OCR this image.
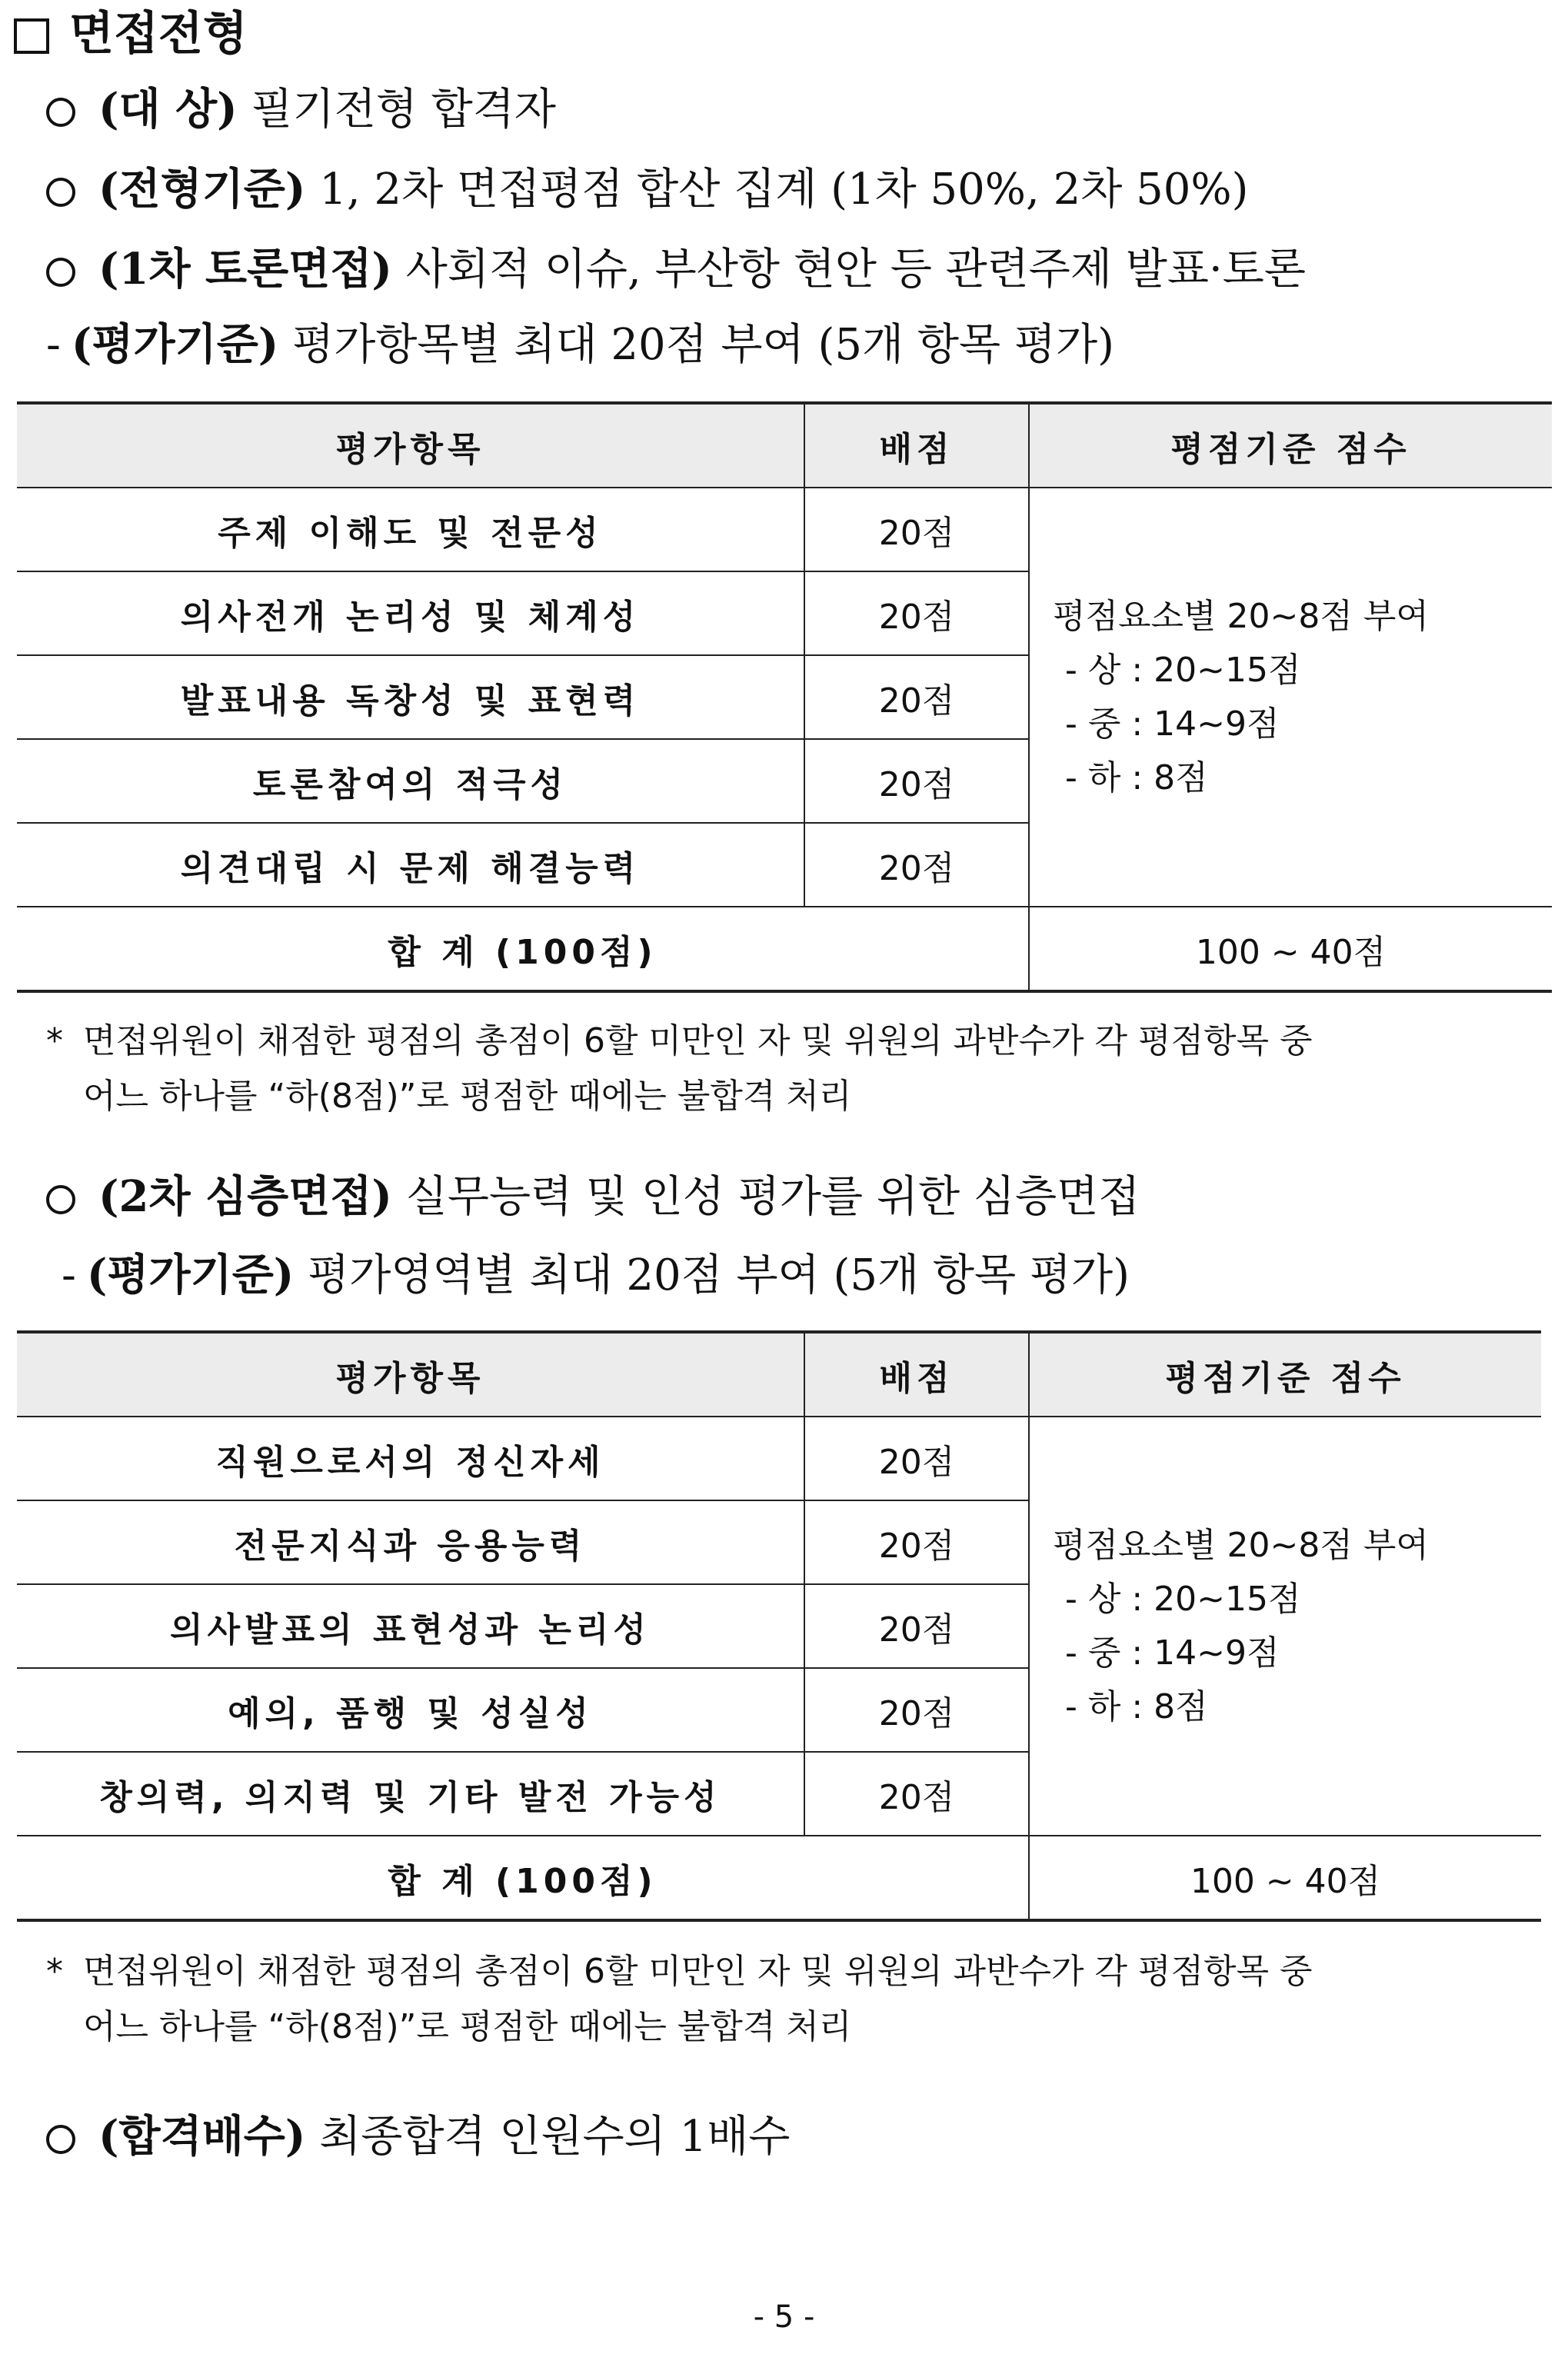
면접전형
(대 상) 필기전형 합격자
(전형기준) 1, 2차 면접평점 합산 집계 (1차 50%, 2차 50%)
(1차 토론면접) 사회적 이슈, 부산항 현안 등 관련주제 발표·토론
- (평가기준) 평가항목별 최대 20점 부여 (5개 항목 평가)
평가항목	배점	평점기준 점수
주제 이해도 및 전문성	20점	평점요소별 20∼8점 부여
- 상 : 20∼15점
- 중 : 14∼9점
- 하 : 8점

의사전개 논리성 및 체계성	20점	
발표내용 독창성 및 표현력	20점	
토론참여의 적극성	20점	
의견대립 시 문제 해결능력	20점	
합 계 (100점)		100 ∼ 40점
* 면접위원이 채점한 평점의 총점이 6할 미만인 자 및 위원의 과반수가 각 평점항목 중
어느 하나를 “하(8점)”로 평점한 때에는 불합격 처리
(2차 심층면접) 실무능력 및 인성 평가를 위한 심층면접
- (평가기준) 평가영역별 최대 20점 부여 (5개 항목 평가)
평가항목	배점	평점기준 점수
직원으로서의 정신자세	20점	평점요소별 20∼8점 부여
- 상 : 20∼15점
- 중 : 14∼9점
- 하 : 8점

전문지식과 응용능력	20점	
의사발표의 표현성과 논리성	20점	
예의, 품행 및 성실성	20점	
창의력, 의지력 및 기타 발전 가능성	20점	
합 계 (100점)		100 ∼ 40점
* 면접위원이 채점한 평점의 총점이 6할 미만인 자 및 위원의 과반수가 각 평점항목 중
어느 하나를 “하(8점)”로 평점한 때에는 불합격 처리
(합격배수) 최종합격 인원수의 1배수
- 5 -
